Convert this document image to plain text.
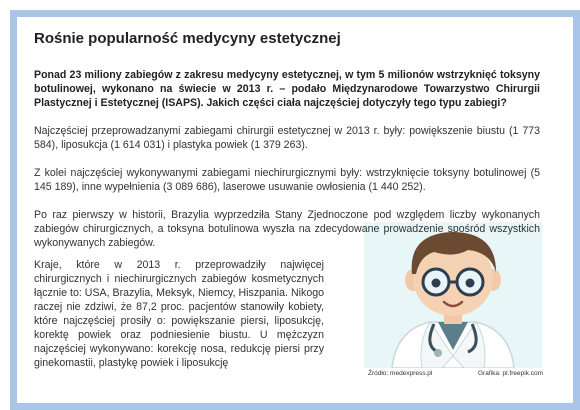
Rośnie popularność medycyny estetycznej
Ponad 23 miliony zabiegów z zakresu medycyny estetycznej, w tym 5 milionów wstrzyknięć toksyny botulinowej, wykonano na świecie w 2013 r. – podało Międzynarodowe Towarzystwo Chirurgii Plastycznej i Estetycznej (ISAPS). Jakich części ciała najczęściej dotyczyły tego typu zabiegi?
Najczęściej przeprowadzanymi zabiegami chirurgii estetycznej w 2013 r. były: powiększenie biustu (1 773 584), liposukcja (1 614 031) i plastyka powiek (1 379 263).
Z kolei najczęściej wykonywanymi zabiegami niechirurgicznymi były: wstrzyknięcie toksyny botulinowej (5 145 189), inne wypełnienia (3 089 686), laserowe usuwanie owłosienia (1 440 252).
Po raz pierwszy w historii, Brazylia wyprzedziła Stany Zjednoczone pod względem liczby wykonanych zabiegów chirurgicznych, a toksyna botulinowa wyszła na zdecydowane prowadzenie spośród wszystkich wykonywanych zabiegów.
Kraje, które w 2013 r. przeprowadziły najwięcej chirurgicznych i niechirurgicznych zabiegów kosmetycznych łącznie to: USA, Brazylia, Meksyk, Niemcy, Hiszpania. Nikogo raczej nie zdziwi, że 87,2 proc. pacjentów stanowiły kobiety, które najczęściej prosiły o: powiększanie piersi, liposukcję, korektę powiek oraz podniesienie biustu. U mężczyzn najczęściej wykonywano: korekcję nosa, redukcję piersi przy ginekomastii, plastykę powiek i liposukcję
Źródło: medexpress.pl	Grafika: pl.freepik.com
